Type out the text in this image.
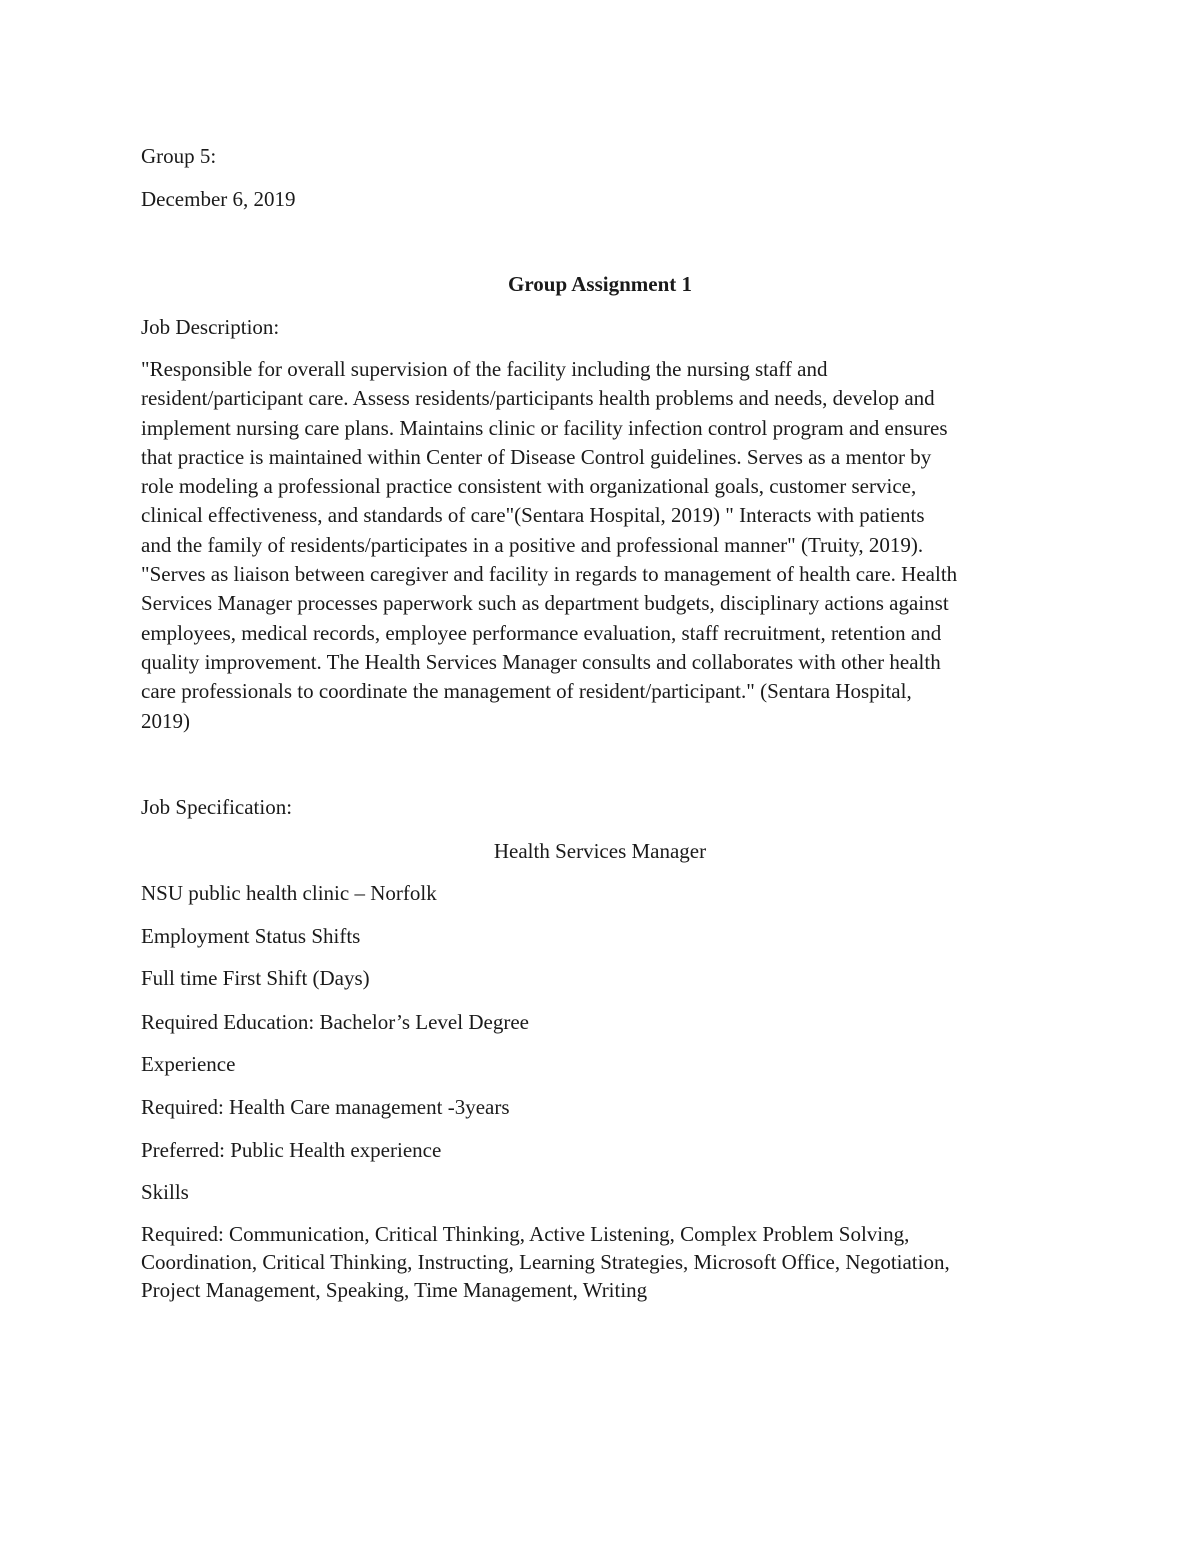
Group 5:

December 6, 2019

Group Assignment 1

Job Description:

"Responsible for overall supervision of the facility including the nursing staff and
resident/participant care. Assess residents/participants health problems and needs, develop and
implement nursing care plans. Maintains clinic or facility infection control program and ensures
that practice is maintained within Center of Disease Control guidelines. Serves as a mentor by
role modeling a professional practice consistent with organizational goals, customer service,
clinical effectiveness, and standards of care"(Sentara Hospital, 2019) " Interacts with patients
and the family of residents/participates in a positive and professional manner" (Truity, 2019).
"Serves as liaison between caregiver and facility in regards to management of health care. Health
Services Manager processes paperwork such as department budgets, disciplinary actions against
employees, medical records, employee performance evaluation, staff recruitment, retention and
quality improvement. The Health Services Manager consults and collaborates with other health
care professionals to coordinate the management of resident/participant." (Sentara Hospital,
2019)

Job Specification:

Health Services Manager

NSU public health clinic – Norfolk

Employment Status Shifts

Full time First Shift (Days)

Required Education: Bachelor’s Level Degree

Experience

Required: Health Care management -3years

Preferred: Public Health experience

Skills

Required: Communication, Critical Thinking, Active Listening, Complex Problem Solving,
Coordination, Critical Thinking, Instructing, Learning Strategies, Microsoft Office, Negotiation,
Project Management, Speaking, Time Management, Writing
